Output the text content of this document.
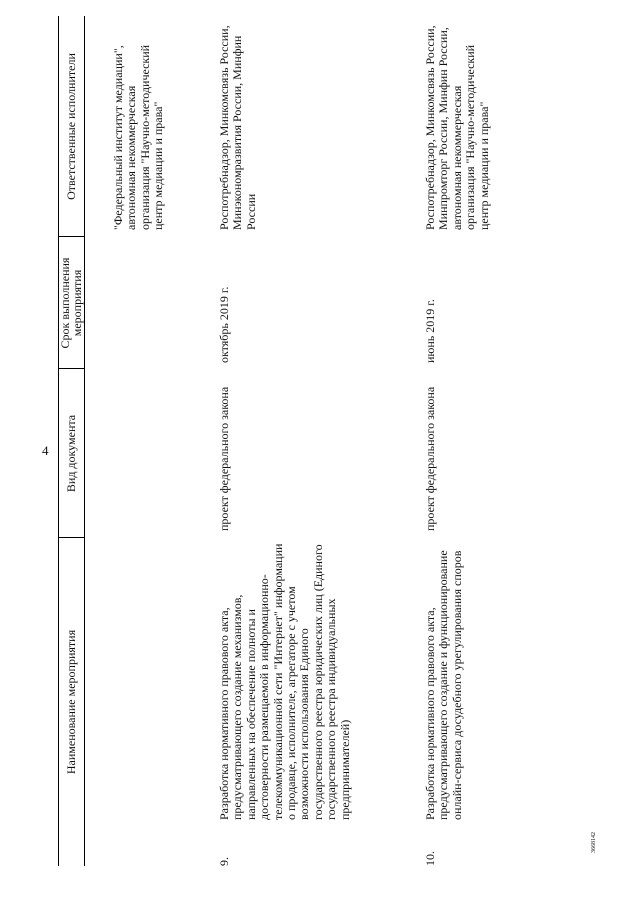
4
Наименование мероприятия
Вид документа
Срок выполнения мероприятия
Ответственные исполнители	"Федеральный институт медиации", автономная некоммерческая организация "Научно-методический центр медиации и права"
9.
Разработка нормативного правового акта, предусматривающего создание механизмов, направленных на обеспечение полноты и достоверности размещаемой в информационно-телекоммуникационной сети "Интернет" информации о продавце, исполнителе, агрегаторе с учетом возможности использования Единого государственного реестра юридических лиц (Единого государственного реестра индивидуальных предпринимателей)
проект федерального закона
октябрь 2019 г.
Роспотребнадзор, Минкомсвязь России, Минэкономразвития России, Минфин России
10.
Разработка нормативного правового акта, предусматривающего создание и функционирование онлайн-сервиса досудебного урегулирования споров
проект федерального закона
июнь 2019 г.
Роспотребнадзор, Минкомсвязь России, Минпромторг России, Минфин России, автономная некоммерческая организация "Научно-методический центр медиации и права"
3668142
